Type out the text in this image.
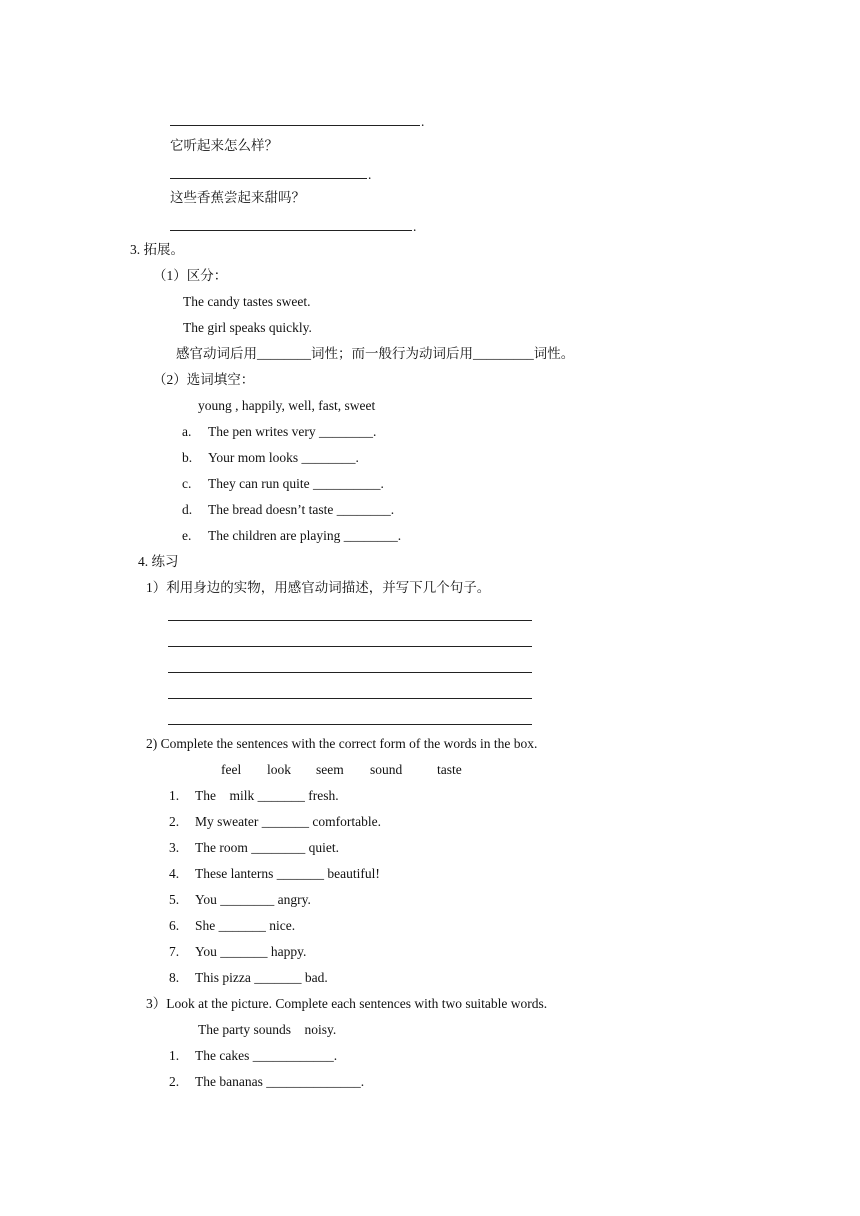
.
它听起来怎么样？
.
这些香蕉尝起来甜吗？
.
3. 拓展。
（1）区分：
The candy tastes sweet.
The girl speaks quickly.
感官动词后用________词性；而一般行为动词后用_________词性。
（2）选词填空：
young , happily, well, fast, sweet
a. The pen writes very ________.
b. Your mom looks ________.
c. They can run quite __________.
d. The bread doesn’t taste ________.
e. The children are playing ________.
4. 练习
1）利用身边的实物，用感官动词描述，并写下几个句子。
2) Complete the sentences with the correct form of the words in the box.
feel look seem sound	taste
1. The    milk _______ fresh.
2. My sweater _______ comfortable.
3. The room ________ quiet.
4. These lanterns _______ beautiful!
5. You ________ angry.
6. She _______ nice.
7. You _______ happy.
8. This pizza _______ bad.
3）Look at the picture. Complete each sentences with two suitable words.
The party sounds    noisy.
1. The cakes ____________.
2. The bananas ______________.
